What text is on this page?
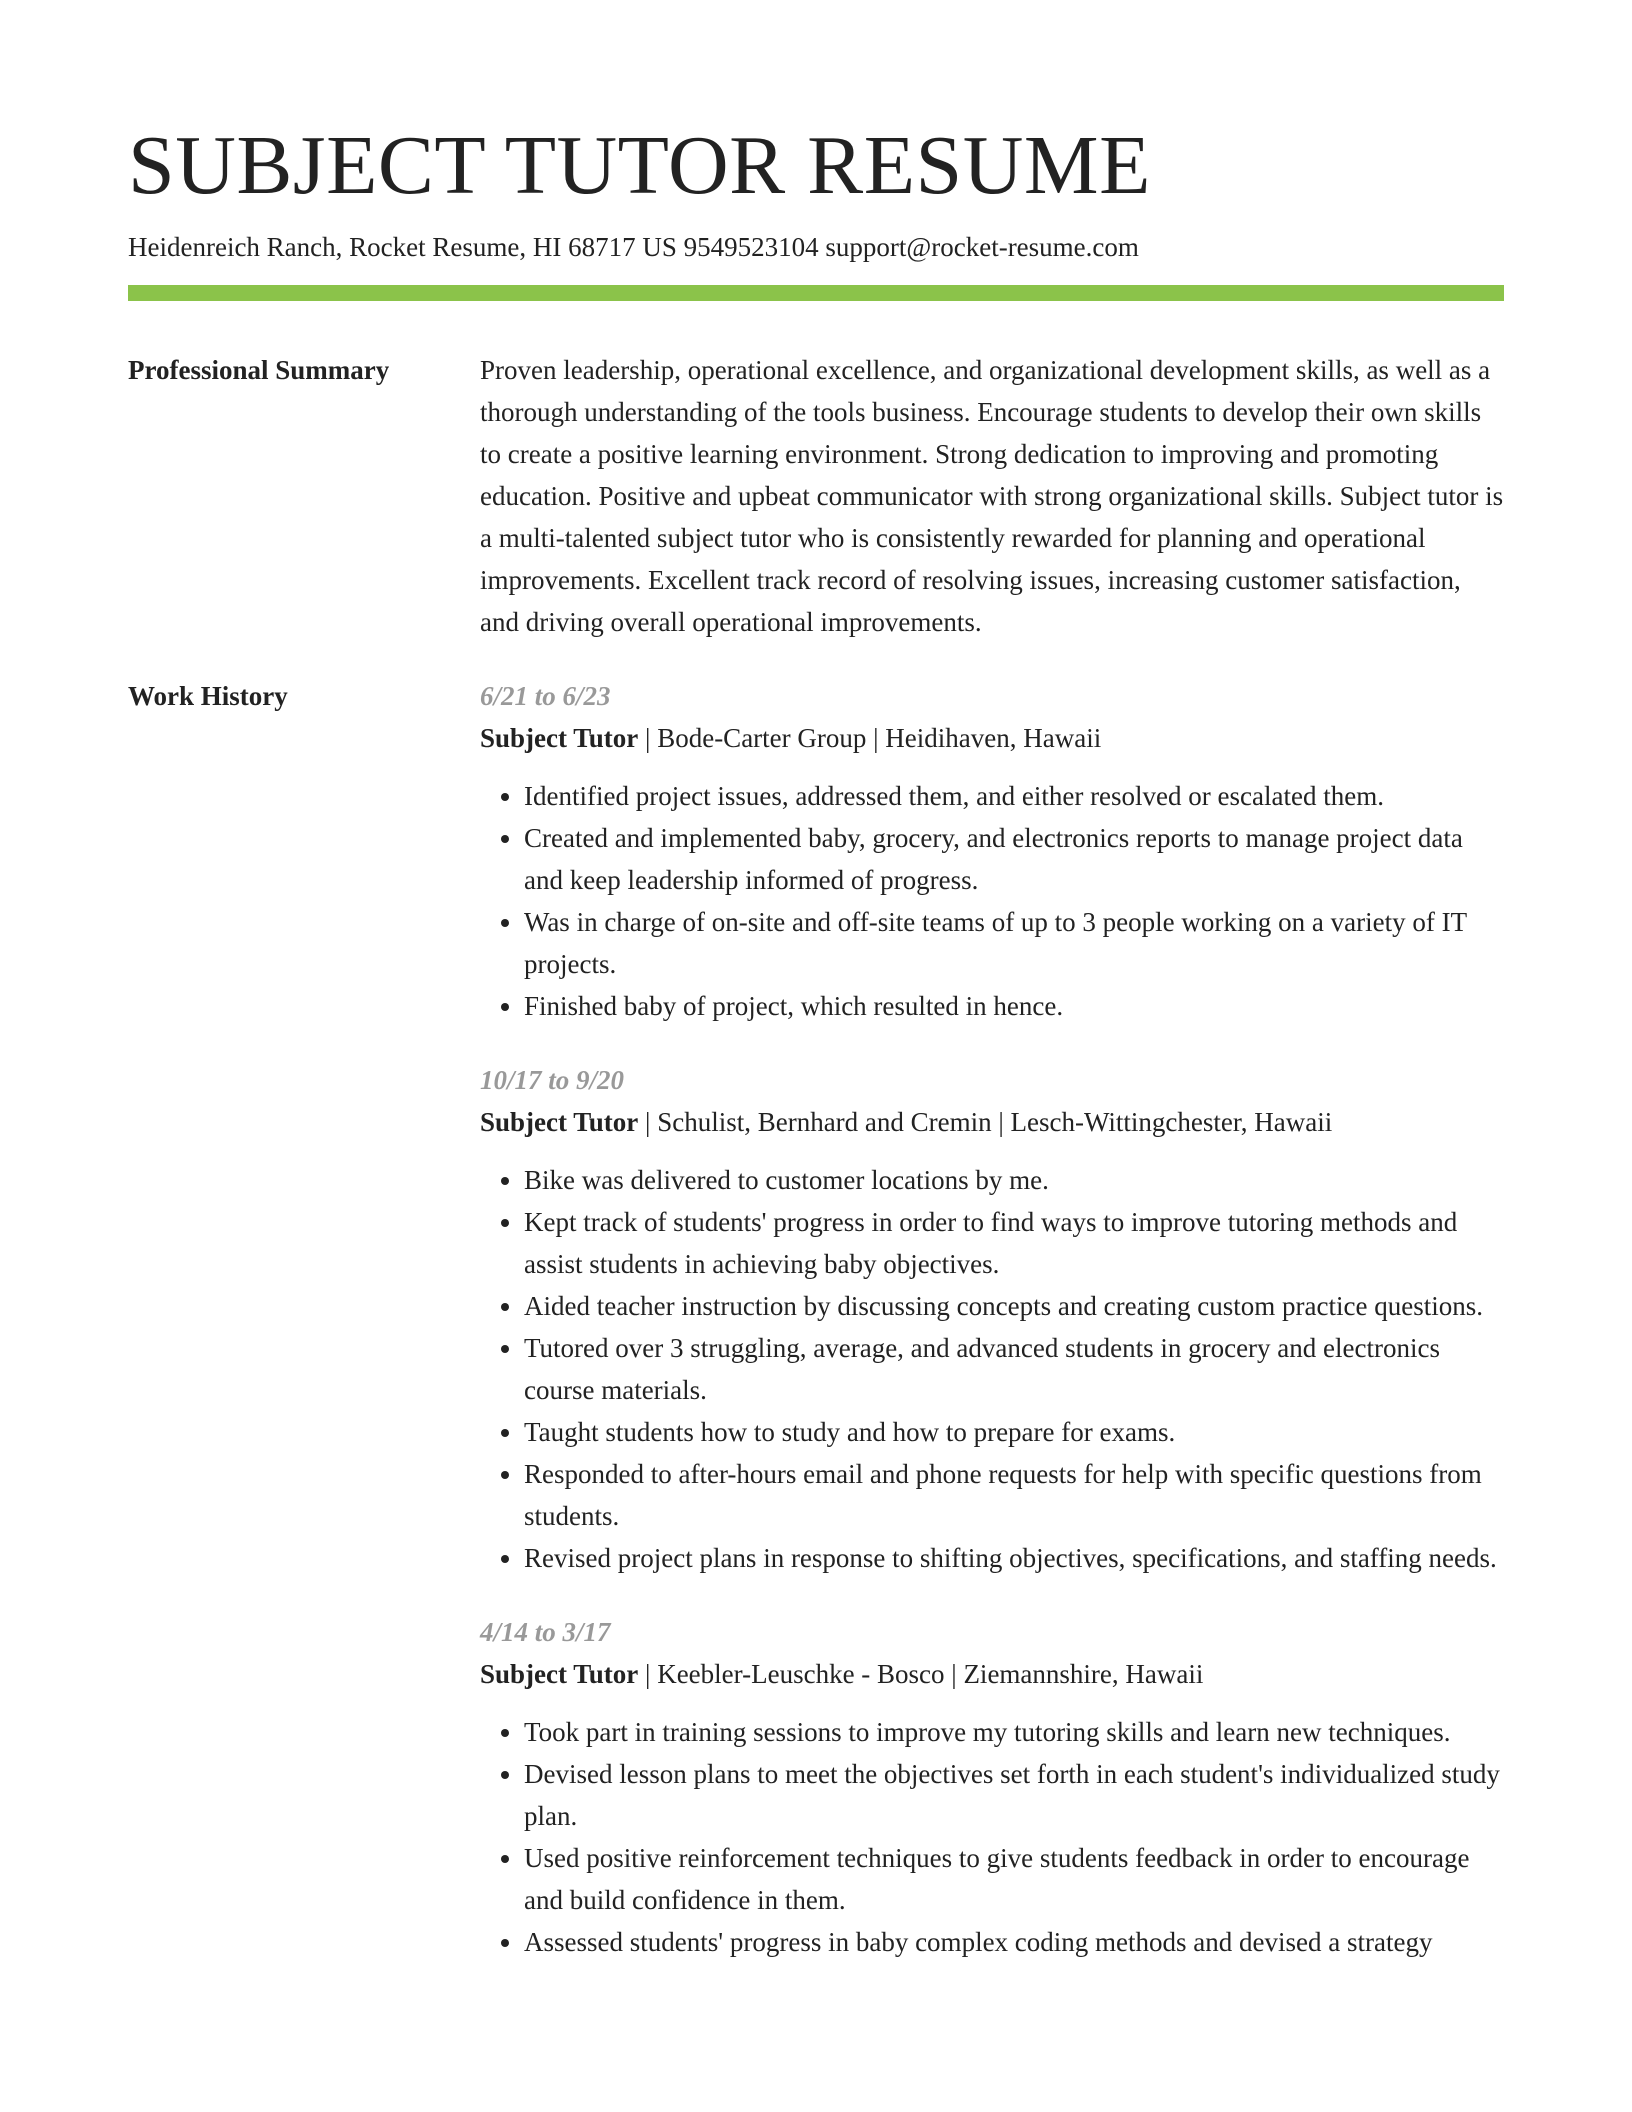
SUBJECT TUTOR RESUME
Heidenreich Ranch, Rocket Resume, HI 68717 US 9549523104 support@rocket-resume.com
Professional Summary	Proven leadership, operational excellence, and organizational development skills, as well as a thorough understanding of the tools business. Encourage students to develop their own skills to create a positive learning environment. Strong dedication to improving and promoting education. Positive and upbeat communicator with strong organizational skills. Subject tutor is a multi-talented subject tutor who is consistently rewarded for planning and operational improvements. Excellent track record of resolving issues, increasing customer satisfaction, and driving overall operational improvements.

Work History	6/21 to 6/23
Subject Tutor | Bode-Carter Group | Heidihaven, Hawaii
• Identified project issues, addressed them, and either resolved or escalated them.
• Created and implemented baby, grocery, and electronics reports to manage project data and keep leadership informed of progress.
• Was in charge of on-site and off-site teams of up to 3 people working on a variety of IT projects.
• Finished baby of project, which resulted in hence.
10/17 to 9/20
Subject Tutor | Schulist, Bernhard and Cremin | Lesch-Wittingchester, Hawaii
• Bike was delivered to customer locations by me.
• Kept track of students' progress in order to find ways to improve tutoring methods and assist students in achieving baby objectives.
• Aided teacher instruction by discussing concepts and creating custom practice questions.
• Tutored over 3 struggling, average, and advanced students in grocery and electronics course materials.
• Taught students how to study and how to prepare for exams.
• Responded to after-hours email and phone requests for help with specific questions from students.
• Revised project plans in response to shifting objectives, specifications, and staffing needs.
4/14 to 3/17
Subject Tutor | Keebler-Leuschke - Bosco | Ziemannshire, Hawaii
• Took part in training sessions to improve my tutoring skills and learn new techniques.
• Devised lesson plans to meet the objectives set forth in each student's individualized study plan.
• Used positive reinforcement techniques to give students feedback in order to encourage and build confidence in them.
• Assessed students' progress in baby complex coding methods and devised a strategy
